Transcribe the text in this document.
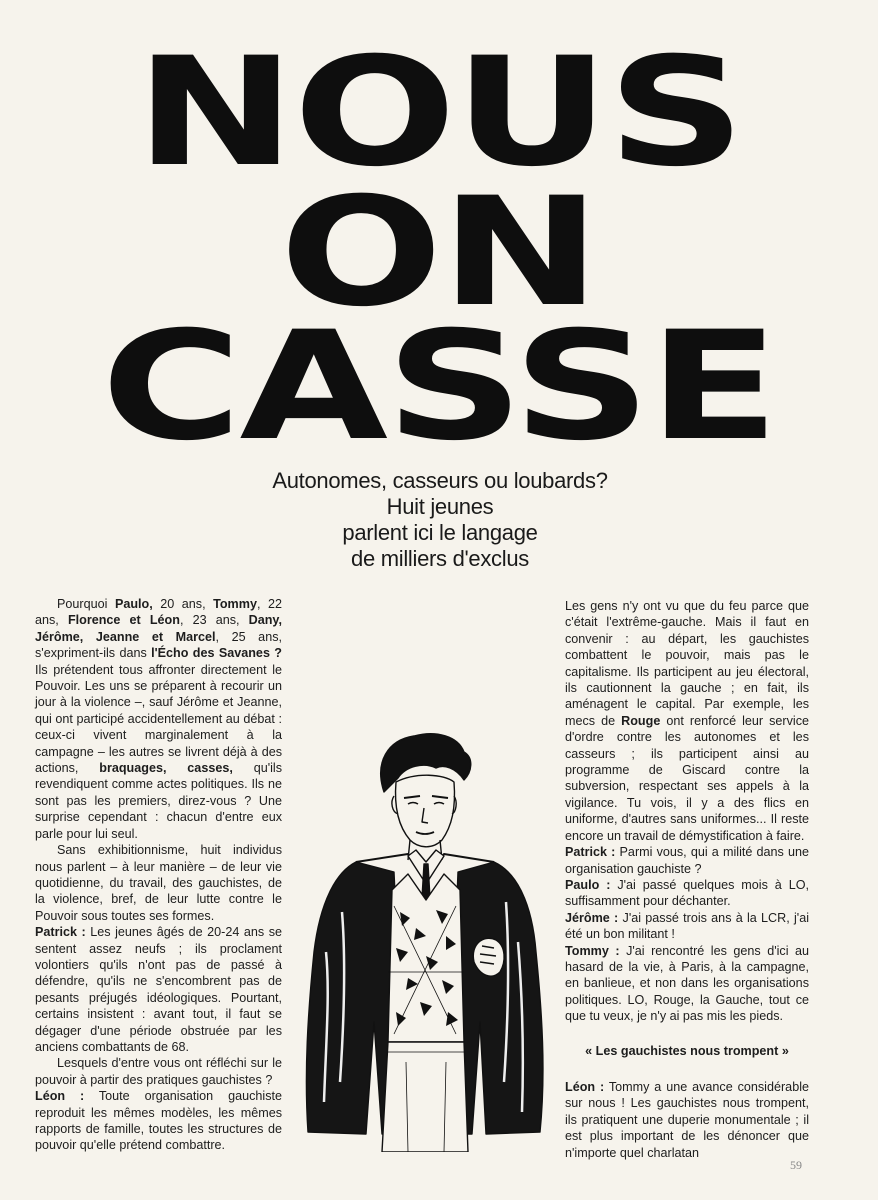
NOUS
ON
CASSE
Autonomes, casseurs ou loubards?
Huit jeunes
parlent ici le langage
de milliers d'exclus

Pourquoi Paulo, 20 ans, Tommy, 22 ans, Florence et Léon, 23 ans, Dany, Jérôme, Jeanne et Marcel, 25 ans, s'expriment-ils dans l'Écho des Savanes ? Ils prétendent tous affronter directement le Pouvoir. Les uns se préparent à recourir un jour à la violence –, sauf Jérôme et Jeanne, qui ont participé accidentellement au débat : ceux-ci vivent marginalement à la campagne – les autres se livrent déjà à des actions, braquages, casses, qu'ils revendiquent comme actes politiques. Ils ne sont pas les premiers, direz-vous ? Une surprise cependant : chacun d'entre eux parle pour lui seul.

Sans exhibitionnisme, huit individus nous parlent – à leur manière – de leur vie quotidienne, du travail, des gauchistes, de la violence, bref, de leur lutte contre le Pouvoir sous toutes ses formes.

Patrick : Les jeunes âgés de 20-24 ans se sentent assez neufs ; ils proclament volontiers qu'ils n'ont pas de passé à défendre, qu'ils ne s'encombrent pas de pesants préjugés idéologiques. Pourtant, certains insistent : avant tout, il faut se dégager d'une période obstruée par les anciens combattants de 68.

Lesquels d'entre vous ont réfléchi sur le pouvoir à partir des pratiques gauchistes ?

Léon : Toute organisation gauchiste reproduit les mêmes modèles, les mêmes rapports de famille, toutes les structures de pouvoir qu'elle prétend combattre.

Les gens n'y ont vu que du feu parce que c'était l'extrême-gauche. Mais il faut en convenir : au départ, les gauchistes combattent le pouvoir, mais pas le capitalisme. Ils participent au jeu électoral, ils cautionnent la gauche ; en fait, ils aménagent le capital. Par exemple, les mecs de Rouge ont renforcé leur service d'ordre contre les autonomes et les casseurs ; ils participent ainsi au programme de Giscard contre la subversion, respectant ses appels à la vigilance. Tu vois, il y a des flics en uniforme, d'autres sans uniformes... Il reste encore un travail de démystification à faire.

Patrick : Parmi vous, qui a milité dans une organisation gauchiste ?

Paulo : J'ai passé quelques mois à LO, suffisamment pour déchanter.

Jérôme : J'ai passé trois ans à la LCR, j'ai été un bon militant !

Tommy : J'ai rencontré les gens d'ici au hasard de la vie, à Paris, à la campagne, en banlieue, et non dans les organisations politiques. LO, Rouge, la Gauche, tout ce que tu veux, je n'y ai pas mis les pieds.

« Les gauchistes nous trompent »

Léon : Tommy a une avance considérable sur nous ! Les gauchistes nous trompent, ils pratiquent une duperie monumentale ; il est plus important de les dénoncer que n'importe quel charlatan

59
